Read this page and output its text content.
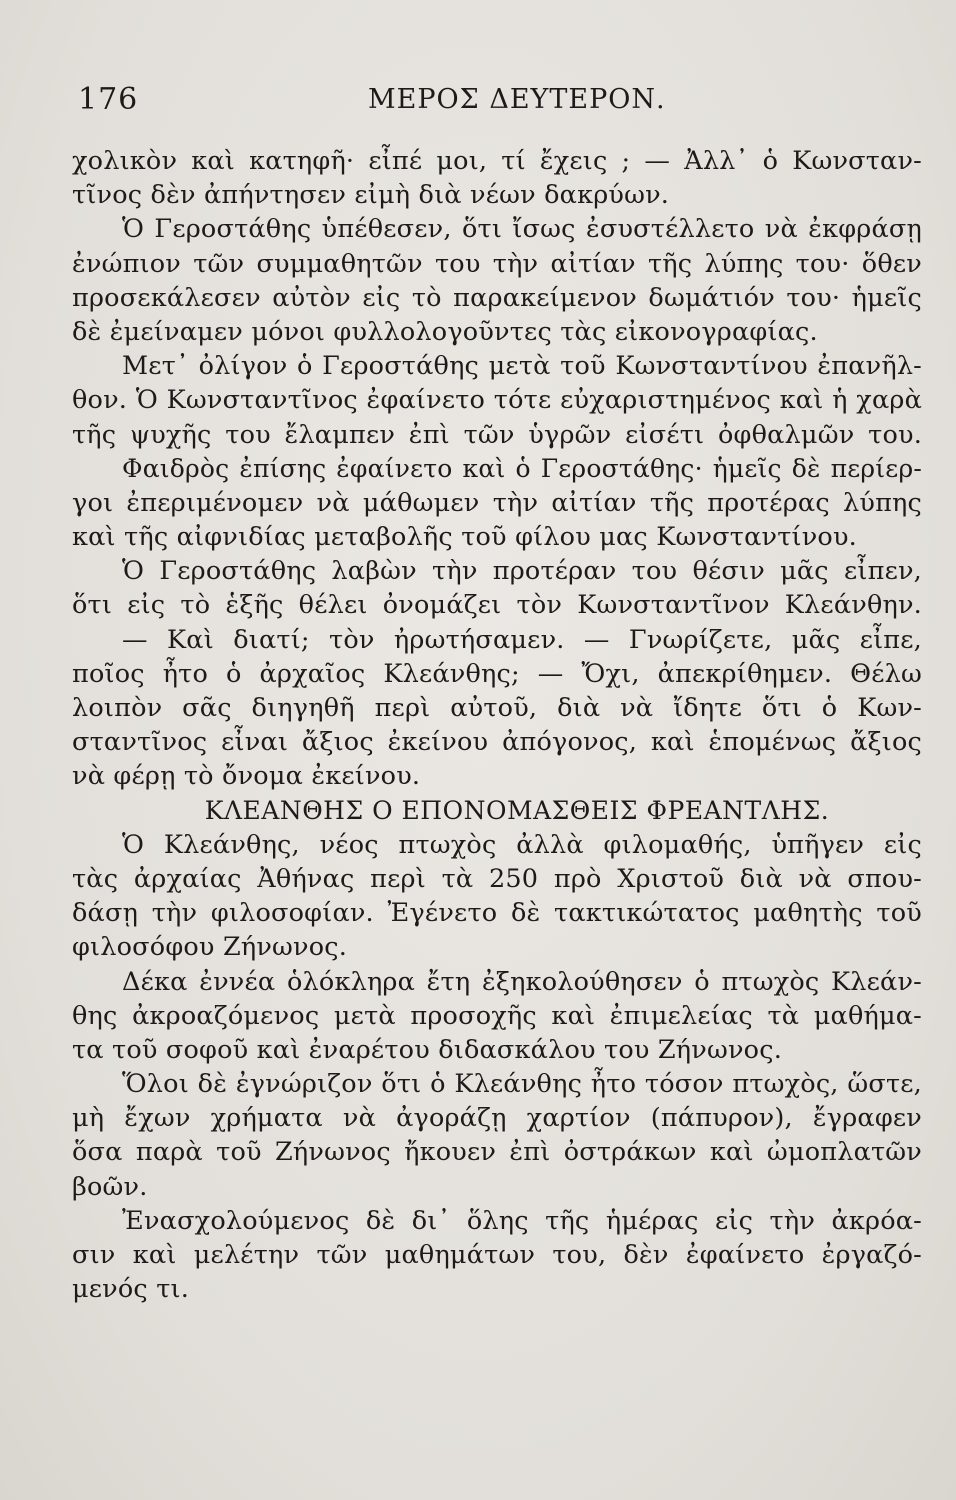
176	ΜΕΡΟΣ ΔΕΥΤΕΡΟΝ.
χολικὸν καὶ κατηφῆ· εἶπέ μοι, τί ἔχεις ; — Ἀλλ᾽ ὁ Κωνσταν-
τῖνος δὲν ἀπήντησεν εἰμὴ διὰ νέων δακρύων.
Ὁ Γεροστάθης ὑπέθεσεν, ὅτι ἴσως ἐσυστέλλετο νὰ ἐκφράσῃ
ἐνώπιον τῶν συμμαθητῶν του τὴν αἰτίαν τῆς λύπης του· ὅθεν
προσεκάλεσεν αὐτὸν εἰς τὸ παρακείμενον δωμάτιόν του· ἡμεῖς
δὲ ἐμείναμεν μόνοι φυλλολογοῦντες τὰς εἰκονογραφίας.
Μετ᾽ ὀλίγον ὁ Γεροστάθης μετὰ τοῦ Κωνσταντίνου ἐπανῆλ-
θον. Ὁ Κωνσταντῖνος ἐφαίνετο τότε εὐχαριστημένος καὶ ἡ χαρὰ
τῆς ψυχῆς του ἔλαμπεν ἐπὶ τῶν ὑγρῶν εἰσέτι ὀφθαλμῶν του.
Φαιδρὸς ἐπίσης ἐφαίνετο καὶ ὁ Γεροστάθης· ἡμεῖς δὲ περίερ-
γοι ἐπεριμένομεν νὰ μάθωμεν τὴν αἰτίαν τῆς προτέρας λύπης
καὶ τῆς αἰφνιδίας μεταβολῆς τοῦ φίλου μας Κωνσταντίνου.
Ὁ Γεροστάθης λαβὼν τὴν προτέραν του θέσιν μᾶς εἶπεν,
ὅτι εἰς τὸ ἑξῆς θέλει ὀνομάζει τὸν Κωνσταντῖνον Κλεάνθην.
— Καὶ διατί; τὸν ἠρωτήσαμεν. — Γνωρίζετε, μᾶς εἶπε,
ποῖος ἦτο ὁ ἀρχαῖος Κλεάνθης; — Ὄχι, ἀπεκρίθημεν. Θέλω
λοιπὸν σᾶς διηγηθῆ περὶ αὐτοῦ, διὰ νὰ ἴδητε ὅτι ὁ Κων-
σταντῖνος εἶναι ἄξιος ἐκείνου ἀπόγονος, καὶ ἑπομένως ἄξιος
νὰ φέρῃ τὸ ὄνομα ἐκείνου.
ΚΛΕΑΝΘΗΣ Ο ΕΠΟΝΟΜΑΣΘΕΙΣ ΦΡΕΑΝΤΛΗΣ.
Ὁ Κλεάνθης, νέος πτωχὸς ἀλλὰ φιλομαθής, ὑπῆγεν εἰς
τὰς ἀρχαίας Ἀθήνας περὶ τὰ 250 πρὸ Χριστοῦ διὰ νὰ σπου-
δάσῃ τὴν φιλοσοφίαν. Ἐγένετο δὲ τακτικώτατος μαθητὴς τοῦ
φιλοσόφου Ζήνωνος.
Δέκα ἐννέα ὁλόκληρα ἔτη ἐξηκολούθησεν ὁ πτωχὸς Κλεάν-
θης ἀκροαζόμενος μετὰ προσοχῆς καὶ ἐπιμελείας τὰ μαθήμα-
τα τοῦ σοφοῦ καὶ ἐναρέτου διδασκάλου του Ζήνωνος.
Ὅλοι δὲ ἐγνώριζον ὅτι ὁ Κλεάνθης ἦτο τόσον πτωχὸς, ὥστε,
μὴ ἔχων χρήματα νὰ ἀγοράζῃ χαρτίον (πάπυρον), ἔγραφεν
ὅσα παρὰ τοῦ Ζήνωνος ἤκουεν ἐπὶ ὀστράκων καὶ ὠμοπλατῶν
βοῶν.
Ἐνασχολούμενος δὲ δι᾽ ὅλης τῆς ἡμέρας εἰς τὴν ἀκρόα-
σιν καὶ μελέτην τῶν μαθημάτων του, δὲν ἐφαίνετο ἐργαζό-
μενός τι.
